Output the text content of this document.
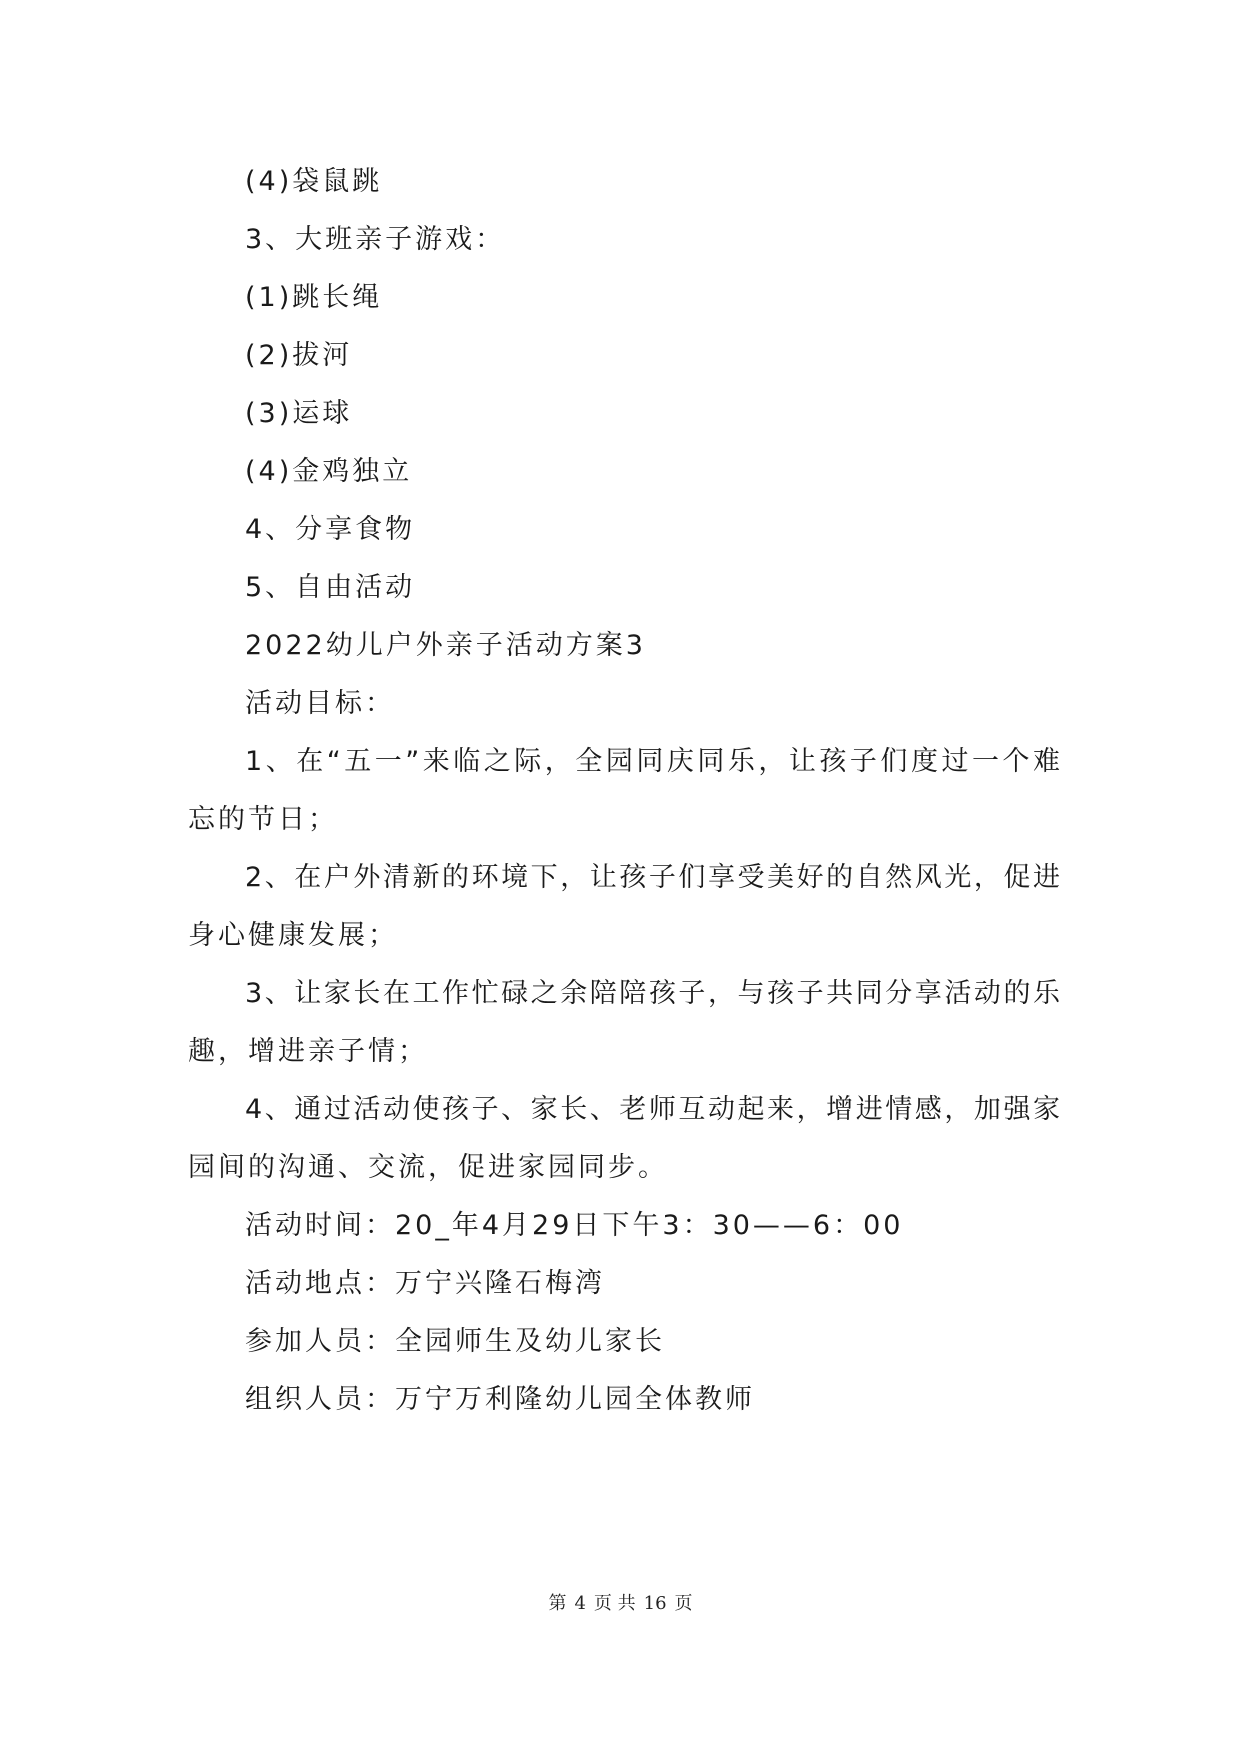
(4)袋鼠跳
3、大班亲子游戏：
(1)跳长绳
(2)拔河
(3)运球
(4)金鸡独立
4、分享食物
5、自由活动
2022幼儿户外亲子活动方案3
活动目标：
1、在“五一”来临之际，全园同庆同乐，让孩子们度过一个难
忘的节日；
2、在户外清新的环境下，让孩子们享受美好的自然风光，促进
身心健康发展；
3、让家长在工作忙碌之余陪陪孩子，与孩子共同分享活动的乐
趣，增进亲子情；
4、通过活动使孩子、家长、老师互动起来，增进情感，加强家
园间的沟通、交流，促进家园同步。
活动时间：20_年4月29日下午3：30——6：00
活动地点：万宁兴隆石梅湾
参加人员：全园师生及幼儿家长
组织人员：万宁万利隆幼儿园全体教师
第 4 页 共 16 页
